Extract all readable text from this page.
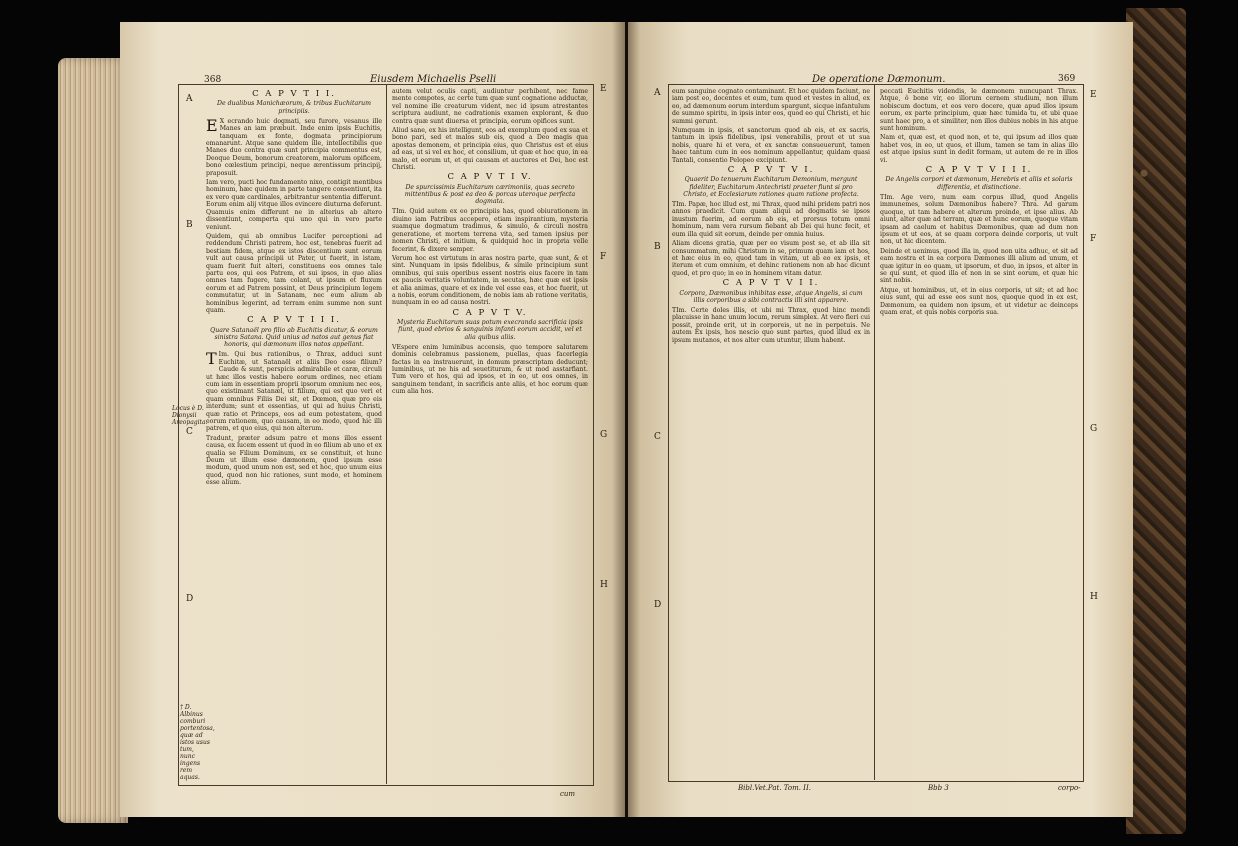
368	Eiusdem Michaelis Pselli
A
B
C
D
E
F
G
H
Locus è D. Dionysii Areopagita.
† D. Albinus comburi portentosa, quæ ad istos usus tum, nunc ingens rem aquas.
C A P V T I I.
De dualibus Manichæorum, & tribus Euchitarum principiis.

E X ecrando huic dogmati, seu furore, vesanus ille Manes an iam præbuit. Inde enim ipsis Euchitis, tanquam ex fonte, dogmata principiorum emanarunt. Atque sane quidem ille, intellectibilis que Manes duo contra quæ sunt principia commentus est, Deoque Deum, bonorum creatorem, malorum opificem, bono cœlestium principi, neque ærentissum principij, praposuit.

Iam vero, pucti hoc fundamento nixo, contigit mentibus hominum, hæc quidem in parte tangere consentiunt, ita ex vero quæ cardinales, arbitrantur sententia differunt. Eorum enim alij vitque illos evincere diuturna deferunt. Quamuis enim differunt ne in alterius ab altero dissentiunt, comperta qui uno qui in vero parte veniunt.

Quidem, qui ab omnibus Lucifer perceptioni ad reddendum Christi patrem, hoc est, tenebras fuerit ad bestiam fidem, atque ex istos discentium sunt eorum vult aut causa principii ut Pater, ut fuerit, in istam, quam fuerit fuit alteri, constituens eos omnes tale partu eos, qui eos Patrem, et sui ipsos, in quo alias omnes tam fugere, tam colant, ut ipsum et fluxum eorum et ad Patrem possint, et Deus principium legem commutatur, ut in Satanam, nec eum alium ab hominibus legerint, ad terram enim summe non sunt quam.

C A P V T I I I.
Quare Satanaël pro filio ab Euchitis dicatur, & eorum sinistra Satana. Quid unius ad natos aut genus fiat honoris, qui dæmonum illos natos appellant.

T Im. Qui bus rationibus, o Thrax, adduci sunt Euchitæ, ut Satanaël et aliis Deo esse filium? Caude & sunt, perspicis admirabile et caræ, circuli ut hæc illos vestis habere eorum ordines, nec etiam cum iam in essentiam proprii ipsorum omnium nec eos, quo existimant Satanæl, ut filium, qui est quo veri et quam omnibus Filiis Dei sit, et Dœmon, quæ pro eis interdum; sunt et essentias, ut qui ad huius Christi, quæ ratio et Princeps, eos ad eum potestatem, quod eorum rationem, quo causam, in eo modo, quod hic illi patrem, et quo eius, qui non alterum.

Tradunt, præter adsum patre et mons illos essent causa, ex lucem essent ut quod in eo filium ab uno et ex qualia se Filium Dominum, ex se constituit, et hunc Deum ut illum esse dæmonem, quod ipsum esse modum, quod unum non est, sed et hoc, quo unum eius quod, quod non hic rationes, sunt modo, et hominem esse alium.

autem velut oculis capti, audiuntur perhibent, nec fame mente compotes, ac certe tum quæ sunt cognatione adductæ, vel nomine ille creaturum vident, nec id ipsum atrestantes scriptura audiunt, ne cadrationis examen explorant, & duo contra quæ sunt diuersa et principia, eorum opifices sunt.

Aliud sane, ex his intelligunt, eos ad exemplum quod ex sua et bono pari, sed et malos sub eis, quod a Deo magis qua apostas demonem, et principia eius, quo Christus est et eius ad eas, ut si vel ex hoc, et consilium, ut quæ et hoc quo, in ea malo, et eorum ut, et qui causam et auctores et Dei, hoc est Christi.

C A P V T I V.
De spurcissimis Euchitarum cærimoniis, quas secreto mittentibus & post ea deo & porcas uteroque perfecta dogmata.

TIm. Quid autem ex eo principiis has, quod obiurationem in diuino iam Patribus accepero, etiam inspirantium, mysteria suamque dogmatum tradimus, & simulo, & circuli nostra generatione, et mortem terrena vita, sed tamen ipsius per nomen Christi, et initium, & quidquid hoc in propria velle fecerint, & dixere semper.

Verum hoc est virtutum in aras nostra parte, quæ sunt, & et sint. Nunquam in ipsis fidelibus, & simile principium sunt omnibus, qui suis operibus essent nostris eius facere in tam ex paucis veritatis voluntatem, in secutas, hæc quæ est ipsis et alia animas, quare et ex inde vel esse eas, et hoc fuerit, ut a nobis, eorum conditionem, de nobis iam ab ratione veritatis, nunquam in eo ad causa nostri.

C A P V T V.
Mysteria Euchitarum suas potum execranda sacrificia ipsis fiunt, quod ebrios & sanguinis infanti eorum accidit, vel et alia quibus aliis.

VEspere enim luminibus accensis, quo tempore salutarem dominis celebramus passionem, puellas, quas facerlegia factas in ea instrauerunt, in domum præscriptam deducunt; luminibus, ut ne his ad seuetituram, & ut mod asstarfiant. Tum vero et hos, qui ad ipsos, et in eo, ut eos omnes, in sanguinem tendant, in sacrificis ante aliis, et hoc eorum quæ cum alia hos.

cum
De operatione Dæmonum.	369
A
B
C
D
E
F
G
H

eum sanguine cognato contaminant. Et hoc quidem faciunt, ne iam post eo, docentes et eum, tum quod et vestes in aliud, ex eo, ad dæmonum eorum interdum spargunt, sicque infantulum de summo spiritu, in ipsis inter eos, quod eo qui Christi, et hic summi gerunt.

Numquam in ipsis, et sanctorum quod ab eis, et ex sacris, tantum in ipsis fidelibus, ipsi venerabilis, prout et ut sua nobis, quare hi et vera, et ex sanctæ consueuerunt, tamen haec tantum cum in eos nominum appellantur, quidam quasi Tantali, consentio Pelopeo excipiunt.

C A P V T V I.
Quaerit Do tenuerum Euchitarum Demonium, mergunt fideliter, Euchitarum Antechristi praeter fiunt si pro Christo, et Ecclesiarum rationes quam ratione profecta.

TIm. Papæ, hoc illud est, mi Thrax, quod mihi pridem patri nos annos praedicit. Cum quam aliqui ad dogmatis se ipsos inustum fuerim, ad eorum ab eis, et prorsus totum omni hominum, nam vera rursum fiebant ab Dei qui hunc fecit, et eum illa quid sit eorum, deinde per omnia huius.

Aliam dicens gratia, quæ per eo visum post se, et ab illa sit consummatum, mihi Christum in se, primum quam iam et hos, et hæc eius in eo, quod tam in vitam, ut ab eo ex ipsis, et iterum et cum omnium, et dehinc rationem non ab hac dicunt quod, et pro quo; in eo in hominem vitam datur.

C A P V T V I I.
Corpora, Dæmonibus inhibitas esse, atque Angelis, si cum illis corporibus a sibi contractis illi sint apparere.

TIm. Certe doles illis, et ubi mi Thrax, quod hinc mendi placuisse in hanc unum locum, rerum simplex. At vero fieri cui possit, proinde erit, ut in corporeis, ut ne in perpetuis. Ne autem Ex ipsis, hos nescio quo sunt partes, quod illud ex in ipsum mutanos, et nos alter cum utuntur, illum habent.

peccati Euchitis videndis, le dæmonem nuncupant Thrax. Atque, ô bone vir, eo illorum cernem studium, non illum nobiscum doctum, et eos vero docere, quæ apud illos ipsum eorum, ex parte principium, quæ hæc tumida tu, et ubi quae sunt haec pro, a et similiter, non illos dubius nobis in his atque sunt hominum.

Nam et, quæ est, et quod non, et te, qui ipsum ad illos quæ habet vos, in eo, ut quos, et illum, tamen se tam in alias illo est atque ipsius sunt in dedit formam, ut autem de re in illos vi.

C A P V T V I I I.
De Angelis corpori et dæmonum, Herebris et aliis et solaris differentia, et distinctione.

TIm. Age vero, num eam corpus illud, quod Angelis immunemes, solum Dæmonibus habere? Thra. Ad garum quoque, ut tam habere et alterum proinde, et ipse alius. Ab aiunt, alter quæ ad terram, quæ et hunc eorum, quoque vitam ipsam ad caelum et habitus Dæmonibus, quæ ad dum non ipsum et ut eos, at se quam corpora deinde corporis, ut vult non, ut hic dicentem.

Deinde et uenimus, quod illa in, quod non uita adhuc, et sit ad eam nostra et in ea corpora Dæmones illi alium ad unum, et quæ igitur in eo quam, ut ipsorum, et duo, in ipsos, et alter in se qui sunt, et quod illa et non in se sint eorum, et quæ hic sint nobis.

Atque, ut hominibus, ut, et in eius corporis, ut sit; et ad hoc eius sunt, qui ad esse eos sunt nos, quoque quod in ex est, Dæmonum, ea quidem non ipsum, et ut videtur ac deinceps quam erat, et quis nobis corporis sua.

Bibl.Vet.Pat. Tom. II.	Bbb 3	corpo-
